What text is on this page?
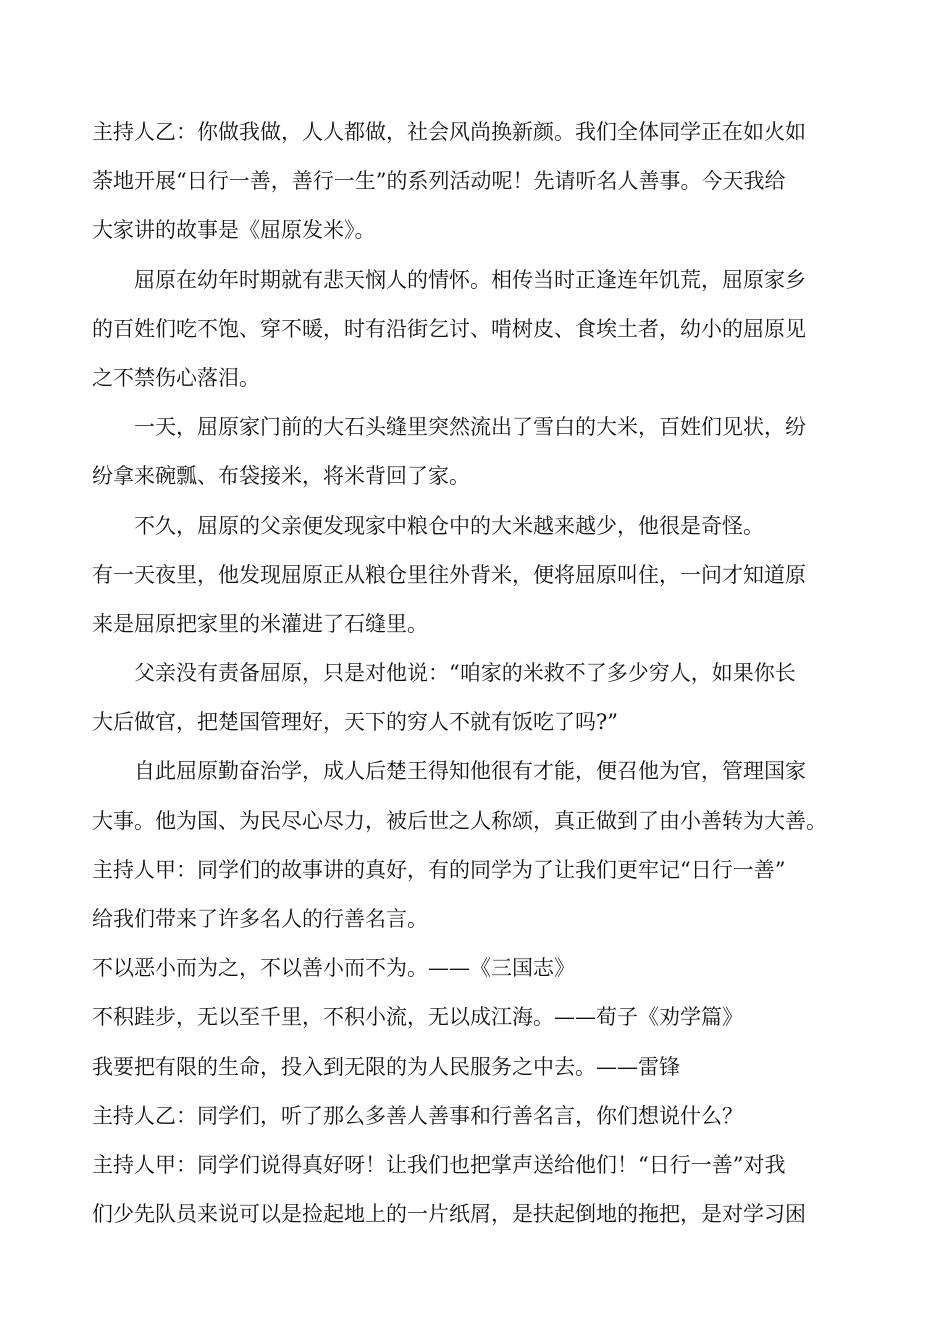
主持人乙：你做我做，人人都做，社会风尚换新颜。我们全体同学正在如火如
荼地开展“日行一善，善行一生”的系列活动呢！先请听名人善事。今天我给
大家讲的故事是《屈原发米》。
屈原在幼年时期就有悲天悯人的情怀。相传当时正逢连年饥荒，屈原家乡
的百姓们吃不饱、穿不暖，时有沿街乞讨、啃树皮、食埃土者，幼小的屈原见
之不禁伤心落泪。
一天，屈原家门前的大石头缝里突然流出了雪白的大米，百姓们见状，纷
纷拿来碗瓢、布袋接米，将米背回了家。
不久，屈原的父亲便发现家中粮仓中的大米越来越少，他很是奇怪。
有一天夜里，他发现屈原正从粮仓里往外背米，便将屈原叫住，一问才知道原
来是屈原把家里的米灌进了石缝里。
父亲没有责备屈原，只是对他说：“咱家的米救不了多少穷人，如果你长
大后做官，把楚国管理好，天下的穷人不就有饭吃了吗?”
自此屈原勤奋治学，成人后楚王得知他很有才能，便召他为官，管理国家
大事。他为国、为民尽心尽力，被后世之人称颂，真正做到了由小善转为大善。
主持人甲：同学们的故事讲的真好，有的同学为了让我们更牢记“日行一善”
给我们带来了许多名人的行善名言。
不以恶小而为之，不以善小而不为。——《三国志》
不积跬步，无以至千里，不积小流，无以成江海。——荀子《劝学篇》
我要把有限的生命，投入到无限的为人民服务之中去。——雷锋
主持人乙：同学们，听了那么多善人善事和行善名言，你们想说什么？
主持人甲：同学们说得真好呀！让我们也把掌声送给他们！“日行一善”对我
们少先队员来说可以是捡起地上的一片纸屑，是扶起倒地的拖把，是对学习困
